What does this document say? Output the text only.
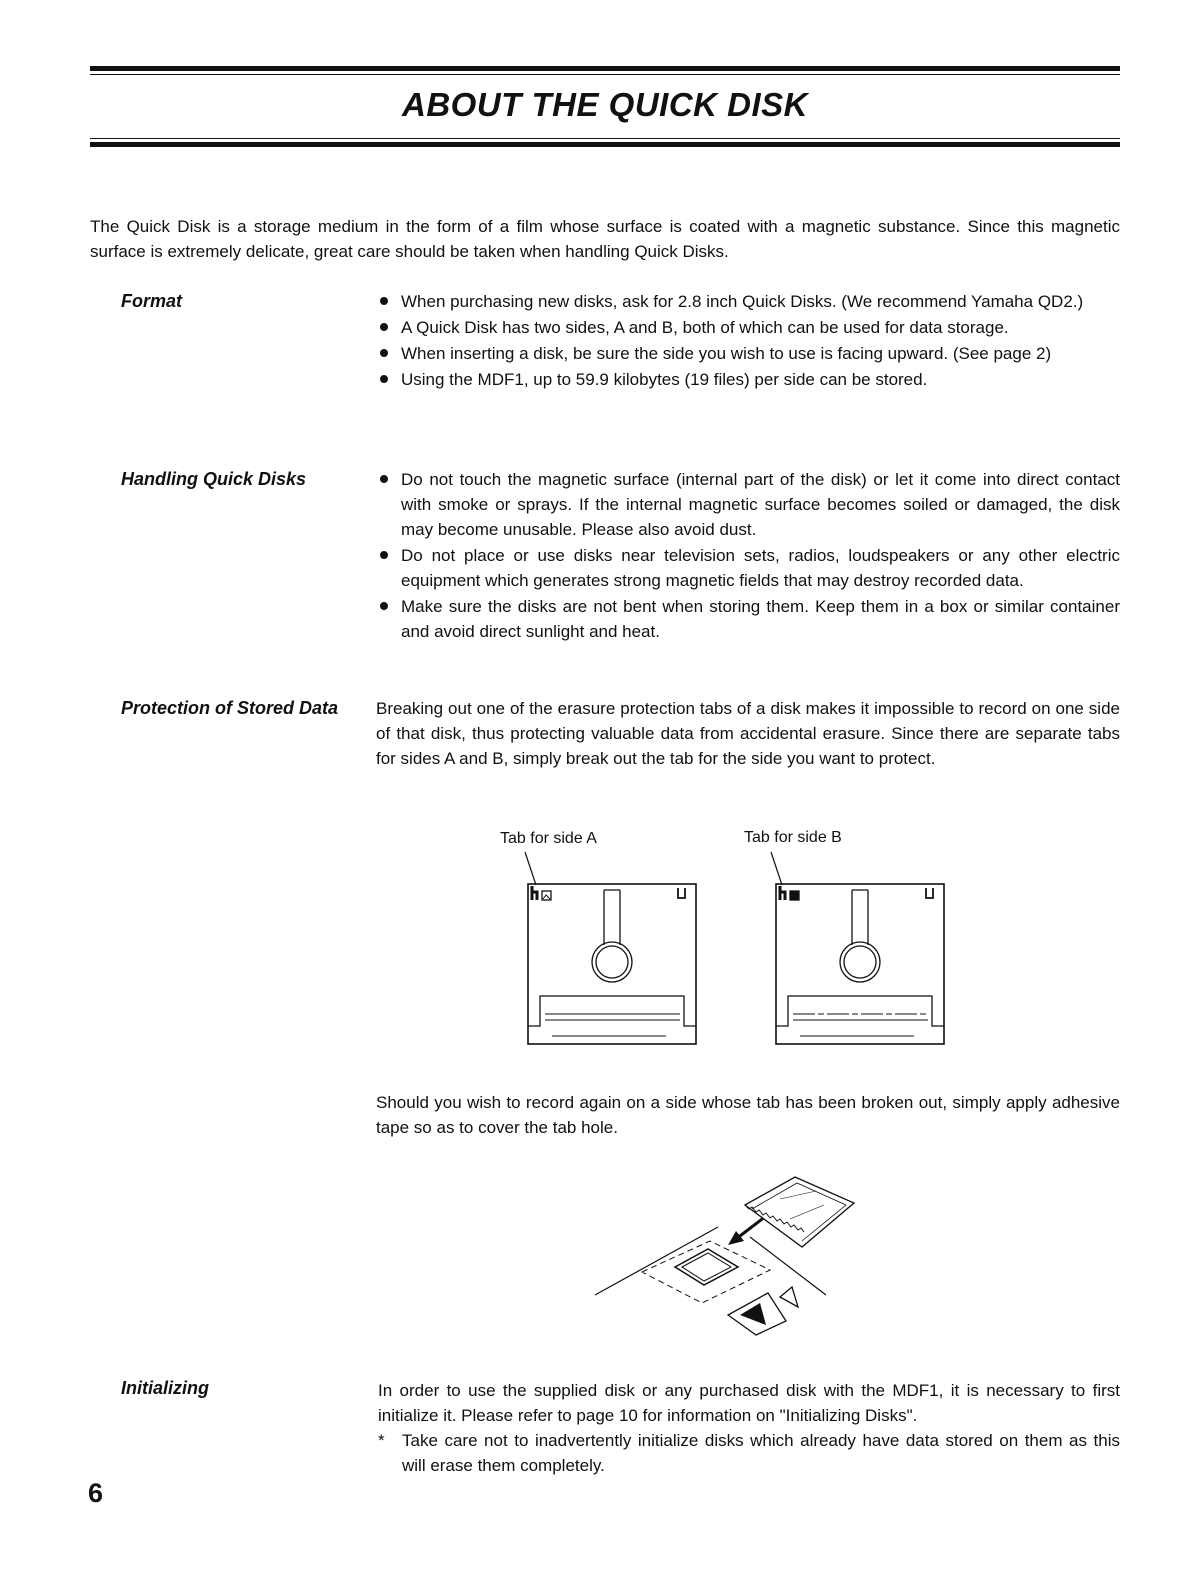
ABOUT THE QUICK DISK
The Quick Disk is a storage medium in the form of a film whose surface is coated with a magnetic substance. Since this magnetic surface is extremely delicate, great care should be taken when handling Quick Disks.
Format	When purchasing new disks, ask for 2.8 inch Quick Disks. (We recommend Yamaha QD2.)
A Quick Disk has two sides, A and B, both of which can be used for data storage.
When inserting a disk, be sure the side you wish to use is facing upward. (See page 2)
Using the MDF1, up to 59.9 kilobytes (19 files) per side can be stored.
Handling Quick Disks	Do not touch the magnetic surface (internal part of the disk) or let it come into direct contact with smoke or sprays. If the internal magnetic surface becomes soiled or damaged, the disk may become unusable. Please also avoid dust.
Do not place or use disks near television sets, radios, loudspeakers or any other electric equipment which generates strong magnetic fields that may destroy recorded data.
Make sure the disks are not bent when storing them. Keep them in a box or similar container and avoid direct sunlight and heat.
Protection of Stored Data	Breaking out one of the erasure protection tabs of a disk makes it impossible to record on one side of that disk, thus protecting valuable data from accidental erasure. Since there are separate tabs for sides A and B, simply break out the tab for the side you want to protect.
Tab for side A	Tab for side B
Should you wish to record again on a side whose tab has been broken out, simply apply adhesive tape so as to cover the tab hole.
Initializing	In order to use the supplied disk or any purchased disk with the MDF1, it is necessary to first initialize it. Please refer to page 10 for information on "Initializing Disks".
* Take care not to inadvertently initialize disks which already have data stored on them as this will erase them completely.
6
